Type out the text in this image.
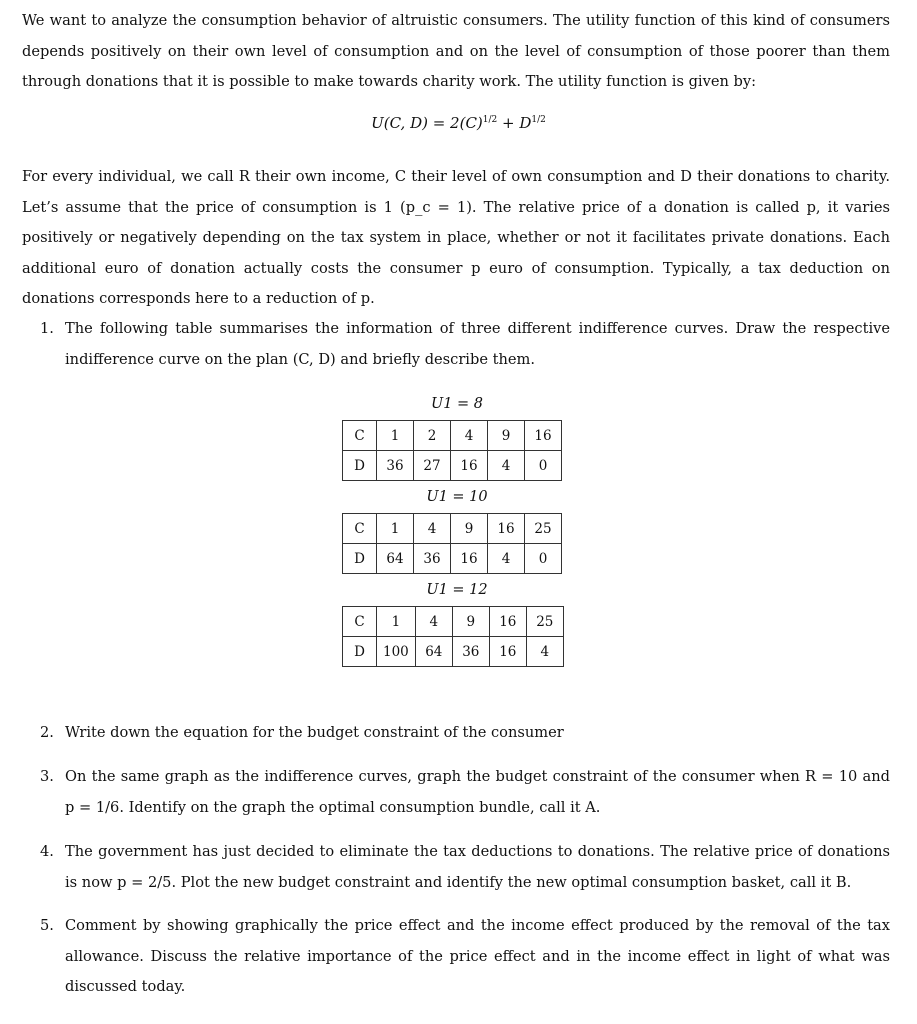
We want to analyze the consumption behavior of altruistic consumers. The utility function of this kind of consumers depends positively on their own level of consumption and on the level of consumption of those poorer than them through donations that it is possible to make towards charity work. The utility function is given by:
U(C, $D) = 2(C)^{1/2} + D^{1/2}$
For every individual, we call R their own income, C their level of own consumption and D their donations to charity. Let’s assume that the price of consumption is 1 (p_c = 1). The relative price of a donation is called p, it varies positively or negatively depending on the tax system in place, whether or not it facilitates private donations. Each additional euro of donation actually costs the consumer p euro of consumption. Typically, a tax deduction on donations corresponds here to a reduction of p.
1. The following table summarises the information of three different indifference curves. Draw the respective indifference curve on the plan (C, D) and briefly describe them.
U1 = 8
C	1	2	4	9	16
D	36	27	16	4	0
U1 = 10
C	1	4	9	16	25
D	64	36	16	4	0
U1 = 12
C	1	4	9	16	25
D	100	64	36	16	4
2. Write down the equation for the budget constraint of the consumer
3. On the same graph as the indifference curves, graph the budget constraint of the consumer when R = 10 and p = 1/6. Identify on the graph the optimal consumption bundle, call it A.
4. The government has just decided to eliminate the tax deductions to donations. The relative price of donations is now p = 2/5. Plot the new budget constraint and identify the new optimal consumption basket, call it B.
5. Comment by showing graphically the price effect and the income effect produced by the removal of the tax allowance. Discuss the relative importance of the price effect and in the income effect in light of what was discussed today.
